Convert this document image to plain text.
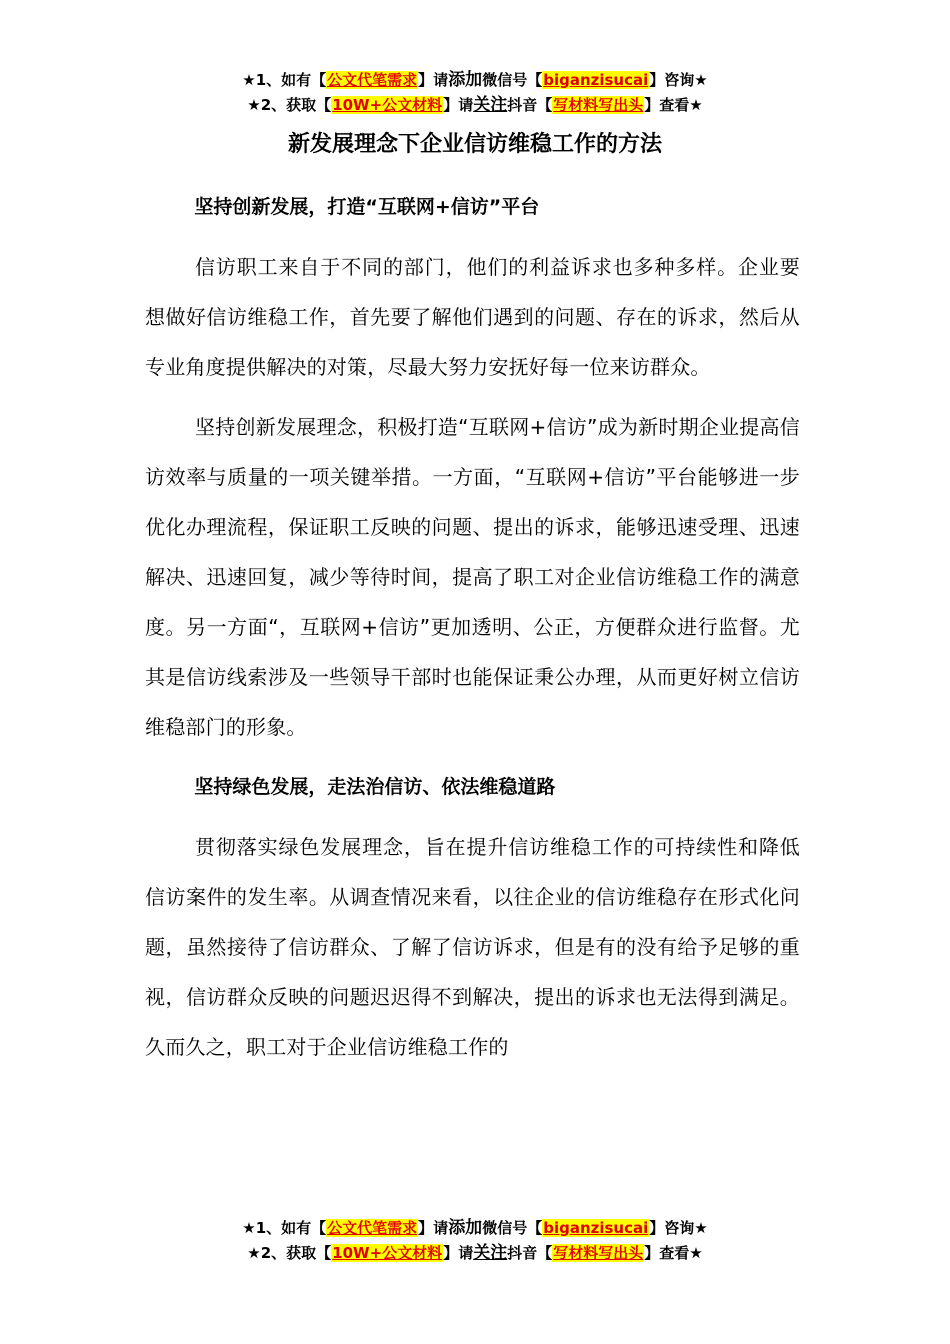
★1、如有【公文代笔需求】请添加微信号【biganzisucai】咨询★
★2、获取【10W+公文材料】请关注抖音【写材料写出头】查看★
新发展理念下企业信访维稳工作的方法
坚持创新发展，打造“互联网+信访”平台
信访职工来自于不同的部门，他们的利益诉求也多种多样。企业要想做好信访维稳工作，首先要了解他们遇到的问题、存在的诉求，然后从专业角度提供解决的对策，尽最大努力安抚好每一位来访群众。
坚持创新发展理念，积极打造“互联网+信访”成为新时期企业提高信访效率与质量的一项关键举措。一方面，“互联网+信访”平台能够进一步优化办理流程，保证职工反映的问题、提出的诉求，能够迅速受理、迅速解决、迅速回复，减少等待时间，提高了职工对企业信访维稳工作的满意度。另一方面“，互联网+信访”更加透明、公正，方便群众进行监督。尤其是信访线索涉及一些领导干部时也能保证秉公办理，从而更好树立信访维稳部门的形象。
坚持绿色发展，走法治信访、依法维稳道路
贯彻落实绿色发展理念，旨在提升信访维稳工作的可持续性和降低信访案件的发生率。从调查情况来看，以往企业的信访维稳存在形式化问题，虽然接待了信访群众、了解了信访诉求，但是有的没有给予足够的重视，信访群众反映的问题迟迟得不到解决，提出的诉求也无法得到满足。久而久之，职工对于企业信访维稳工作的
★1、如有【公文代笔需求】请添加微信号【biganzisucai】咨询★
★2、获取【10W+公文材料】请关注抖音【写材料写出头】查看★
